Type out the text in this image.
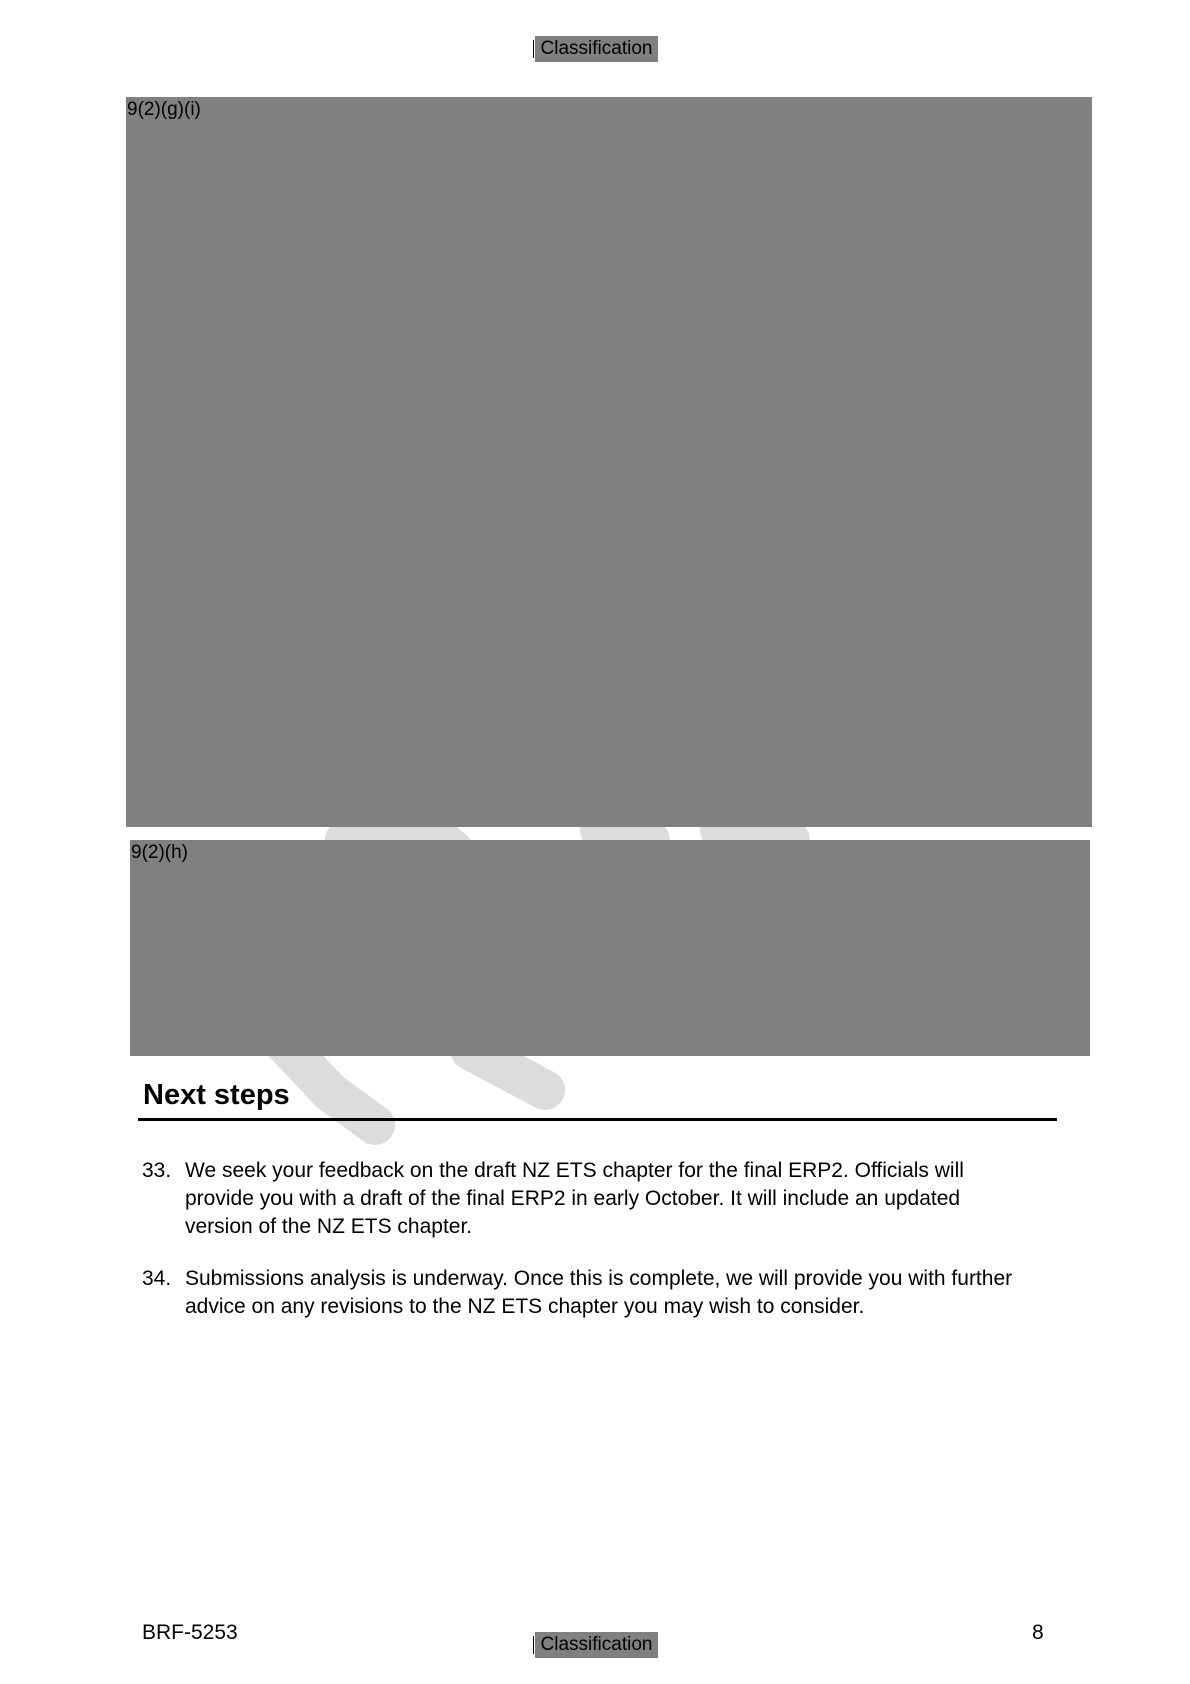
Classification
9(2)(g)(i)
9(2)(h)
Next steps
33. We seek your feedback on the draft NZ ETS chapter for the final ERP2. Officials will provide you with a draft of the final ERP2 in early October. It will include an updated version of the NZ ETS chapter.
34. Submissions analysis is underway. Once this is complete, we will provide you with further advice on any revisions to the NZ ETS chapter you may wish to consider.
BRF-5253
Classification
8
